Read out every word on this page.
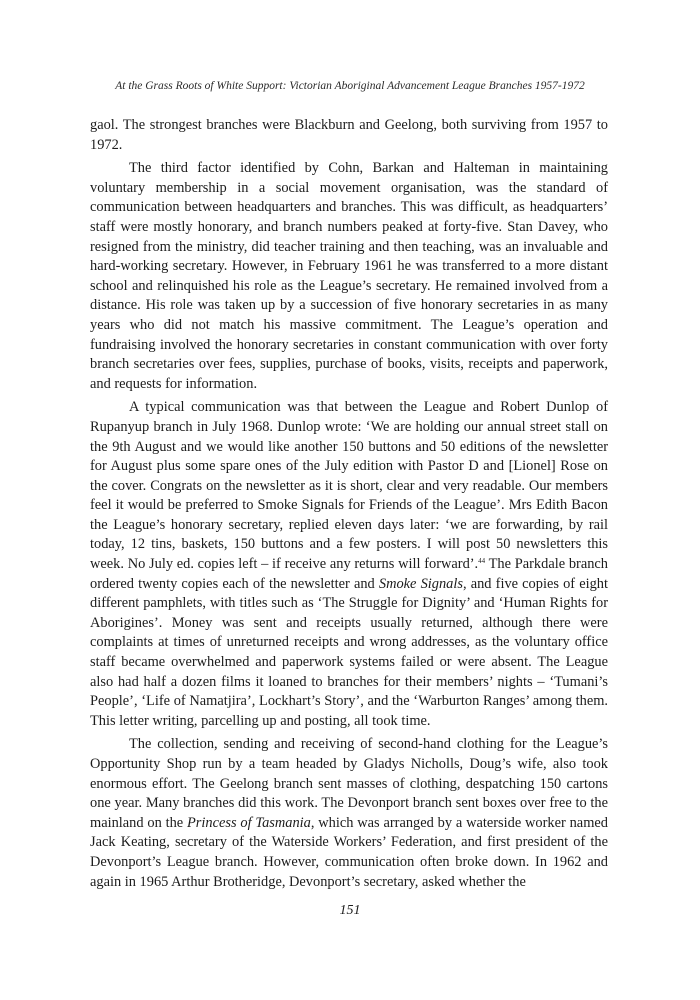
At the Grass Roots of White Support: Victorian Aboriginal Advancement League Branches 1957-1972

gaol. The strongest branches were Blackburn and Geelong, both surviving from 1957 to 1972.

The third factor identified by Cohn, Barkan and Halteman in maintaining voluntary membership in a social movement organisation, was the standard of communication between headquarters and branches. This was difficult, as headquarters’ staff were mostly honorary, and branch numbers peaked at forty-five. Stan Davey, who resigned from the ministry, did teacher training and then teaching, was an invaluable and hard-working secretary. However, in February 1961 he was transferred to a more distant school and relinquished his role as the League’s secretary. He remained involved from a distance. His role was taken up by a succession of five honorary secretaries in as many years who did not match his massive commitment. The League’s operation and fundraising involved the honorary secretaries in constant communication with over forty branch secretaries over fees, supplies, purchase of books, visits, receipts and paperwork, and requests for information.

A typical communication was that between the League and Robert Dunlop of Rupanyup branch in July 1968. Dunlop wrote: ‘We are holding our annual street stall on the 9th August and we would like another 150 buttons and 50 editions of the newsletter for August plus some spare ones of the July edition with Pastor D and [Lionel] Rose on the cover. Congrats on the newsletter as it is short, clear and very readable. Our members feel it would be preferred to Smoke Signals for Friends of the League’. Mrs Edith Bacon the League’s honorary secretary, replied eleven days later: ‘we are forwarding, by rail today, 12 tins, baskets, 150 buttons and a few posters. I will post 50 newsletters this week. No July ed. copies left – if receive any returns will forward’.$^{44}$ The Parkdale branch ordered twenty copies each of the newsletter and Smoke Signals, and five copies of eight different pamphlets, with titles such as ‘The Struggle for Dignity’ and ‘Human Rights for Aborigines’. Money was sent and receipts usually returned, although there were complaints at times of unreturned receipts and wrong addresses, as the voluntary office staff became overwhelmed and paperwork systems failed or were absent. The League also had half a dozen films it loaned to branches for their members’ nights – ‘Tumani’s People’, ‘Life of Namatjira’, Lockhart’s Story’, and the ‘Warburton Ranges’ among them. This letter writing, parcelling up and posting, all took time.

The collection, sending and receiving of second-hand clothing for the League’s Opportunity Shop run by a team headed by Gladys Nicholls, Doug’s wife, also took enormous effort. The Geelong branch sent masses of clothing, despatching 150 cartons one year. Many branches did this work. The Devonport branch sent boxes over free to the mainland on the Princess of Tasmania, which was arranged by a waterside worker named Jack Keating, secretary of the Waterside Workers’ Federation, and first president of the Devonport’s League branch. However, communication often broke down. In 1962 and again in 1965 Arthur Brotheridge, Devonport’s secretary, asked whether the

151
